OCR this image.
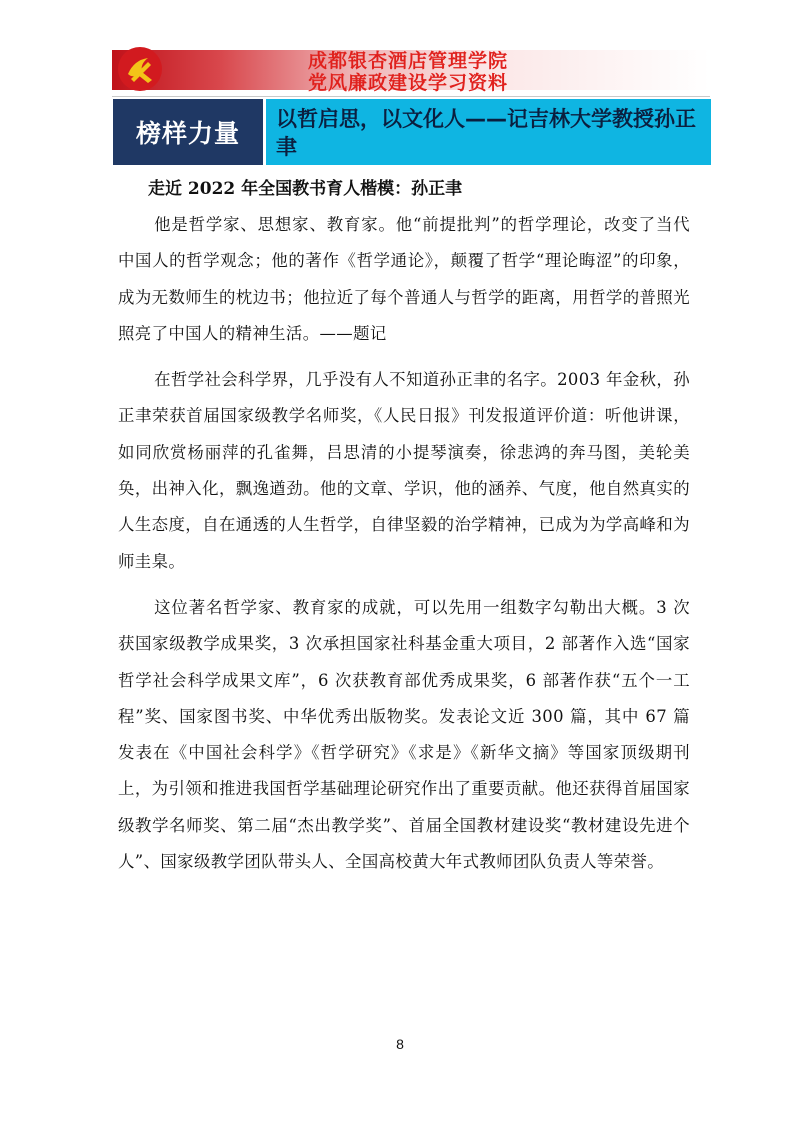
成都银杏酒店管理学院
党风廉政建设学习资料
榜样力量	以哲启思，以文化人——记吉林大学教授孙正聿
走近 2022 年全国教书育人楷模：孙正聿

他是哲学家、思想家、教育家。他“前提批判”的哲学理论，改变了当代中国人的哲学观念；他的著作《哲学通论》，颠覆了哲学“理论晦涩”的印象，成为无数师生的枕边书；他拉近了每个普通人与哲学的距离，用哲学的普照光照亮了中国人的精神生活。——题记

在哲学社会科学界，几乎没有人不知道孙正聿的名字。2003 年金秋，孙正聿荣获首届国家级教学名师奖，《人民日报》刊发报道评价道：听他讲课，如同欣赏杨丽萍的孔雀舞，吕思清的小提琴演奏，徐悲鸿的奔马图，美轮美奂，出神入化，飘逸遒劲。他的文章、学识，他的涵养、气度，他自然真实的人生态度，自在通透的人生哲学，自律坚毅的治学精神，已成为为学高峰和为师圭臬。

这位著名哲学家、教育家的成就，可以先用一组数字勾勒出大概。3 次获国家级教学成果奖，3 次承担国家社科基金重大项目，2 部著作入选“国家哲学社会科学成果文库”，6 次获教育部优秀成果奖，6 部著作获“五个一工程”奖、国家图书奖、中华优秀出版物奖。发表论文近 300 篇，其中 67 篇发表在《中国社会科学》《哲学研究》《求是》《新华文摘》等国家顶级期刊上，为引领和推进我国哲学基础理论研究作出了重要贡献。他还获得首届国家级教学名师奖、第二届“杰出教学奖”、首届全国教材建设奖“教材建设先进个人”、国家级教学团队带头人、全国高校黄大年式教师团队负责人等荣誉。

8
